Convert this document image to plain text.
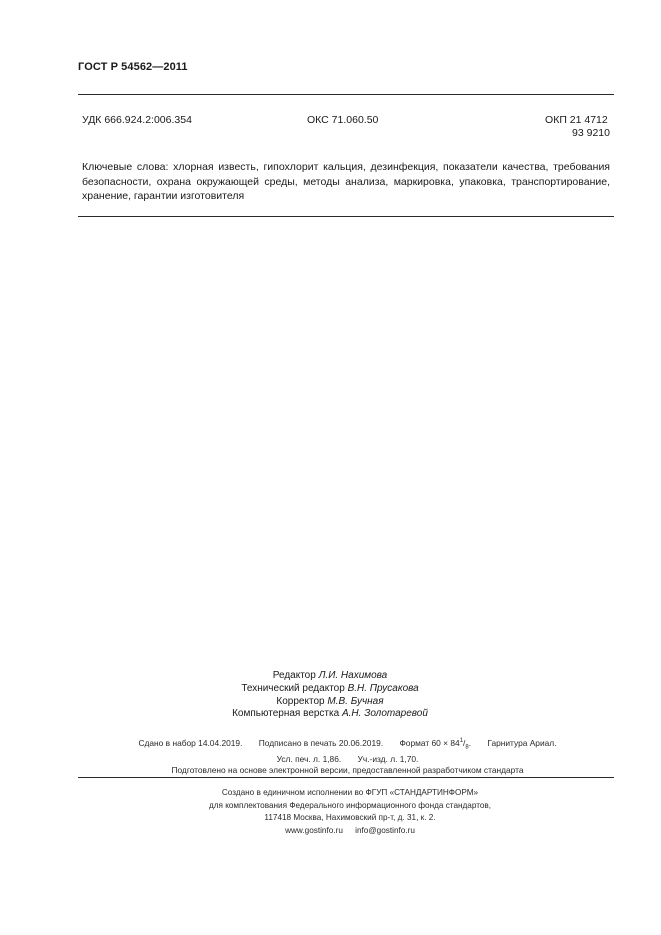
ГОСТ Р 54562—2011
УДК 666.924.2:006.354	ОКС 71.060.50	ОКП 21 4712
93 9210
Ключевые слова: хлорная известь, гипохлорит кальция, дезинфекция, показатели качества, требования безопасности, охрана окружающей среды, методы анализа, маркировка, упаковка, транспортирование, хранение, гарантии изготовителя
Редактор Л.И. Нахимова
Технический редактор В.Н. Прусакова
Корректор М.В. Бучная
Компьютерная верстка А.Н. Золотаревой
Сдано в набор 14.04.2019. Подписано в печать 20.06.2019. Формат $60 \times 84^1/_8$. Гарнитура Ариал.
Усл. печ. л. 1,86. Уч.-изд. л. 1,70.
Подготовлено на основе электронной версии, предоставленной разработчиком стандарта
Создано в единичном исполнении во ФГУП «СТАНДАРТИНФОРМ»
для комплектования Федерального информационного фонда стандартов,
117418 Москва, Нахимовский пр-т, д. 31, к. 2.
www.gostinfo.ru info@gostinfo.ru
